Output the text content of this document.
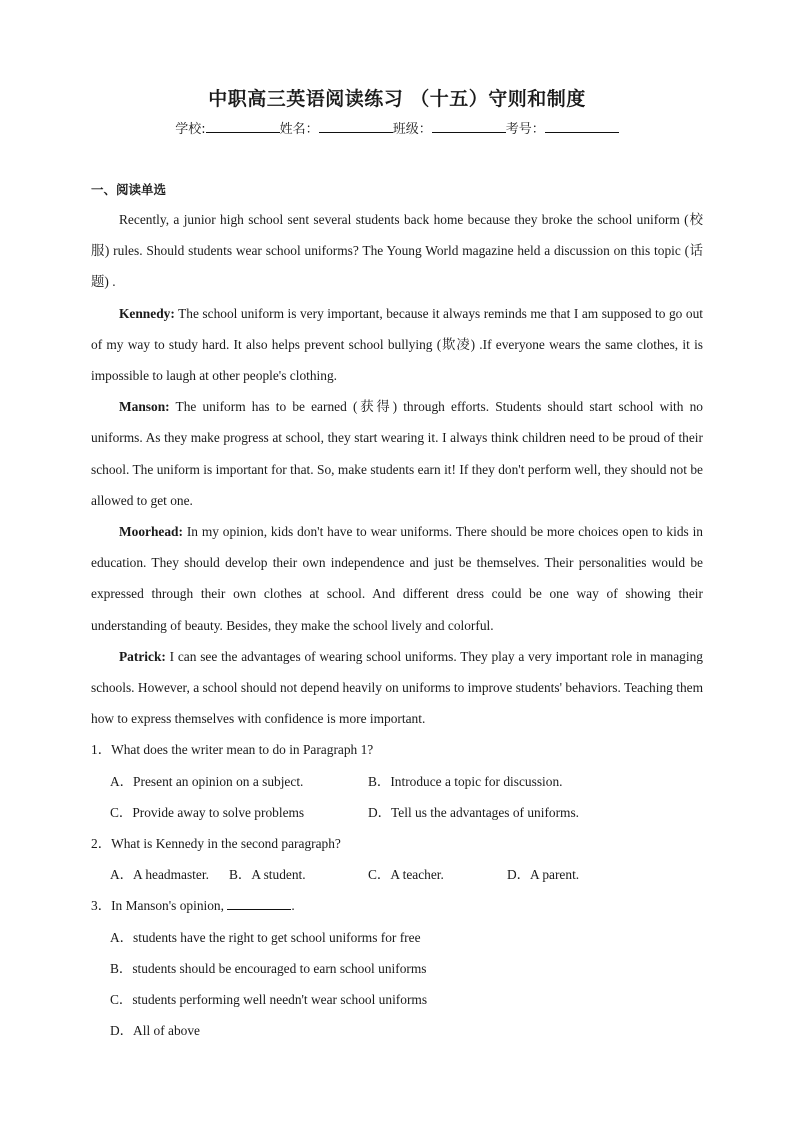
中职高三英语阅读练习 （十五）守则和制度
学校:	姓名：	班级：	考号：
一、阅读单选

Recently, a junior high school sent several students back home because they broke the school uniform (校服) rules. Should students wear school uniforms? The Young World magazine held a discussion on this topic (话题) .

Kennedy: The school uniform is very important, because it always reminds me that I am supposed to go out of my way to study hard. It also helps prevent school bullying (欺凌) .If everyone wears the same clothes, it is impossible to laugh at other people's clothing.

Manson: The uniform has to be earned (获得) through efforts. Students should start school with no uniforms. As they make progress at school, they start wearing it. I always think children need to be proud of their school. The uniform is important for that. So, make students earn it! If they don't perform well, they should not be allowed to get one.

Moorhead: In my opinion, kids don't have to wear uniforms. There should be more choices open to kids in education. They should develop their own independence and just be themselves. Their personalities would be expressed through their own clothes at school. And different dress could be one way of showing their understanding of beauty. Besides, they make the school lively and colorful.

Patrick: I can see the advantages of wearing school uniforms. They play a very important role in managing schools. However, a school should not depend heavily on uniforms to improve students' behaviors. Teaching them how to express themselves with confidence is more important.

1．What does the writer mean to do in Paragraph 1?
A．Present an opinion on a subject.	B．Introduce a topic for discussion.
C．Provide away to solve problems	D．Tell us the advantages of uniforms.
2．What is Kennedy in the second paragraph?
A．A headmaster.	B．A student.	C．A teacher.	D．A parent.
3．In Manson's opinion,	.
A．students have the right to get school uniforms for free
B．students should be encouraged to earn school uniforms
C．students performing well needn't wear school uniforms
D．All of above
